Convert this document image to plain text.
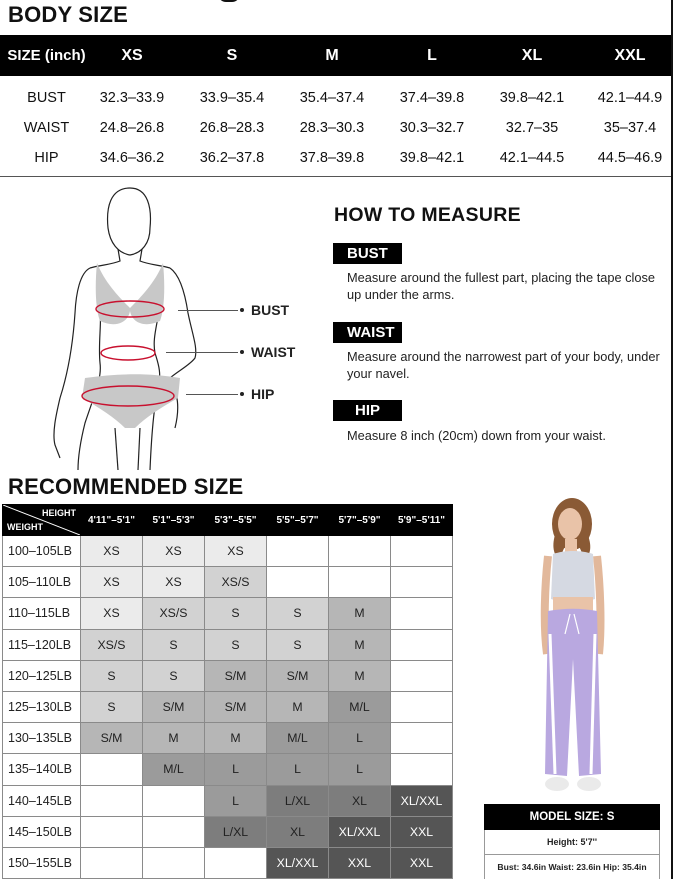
BODY SIZE
SIZE (inch)	XS	S	M	L	XL	XXL
BUST	32.3–33.9	33.9–35.4	35.4–37.4	37.4–39.8	39.8–42.1	42.1–44.9
WAIST	24.8–26.8	26.8–28.3	28.3–30.3	30.3–32.7	32.7–35	35–37.4
HIP	34.6–36.2	36.2–37.8	37.8–39.8	39.8–42.1	42.1–44.5	44.5–46.9
BUST
WAIST
HIP
HOW TO MEASURE
BUST
Measure around the fullest part, placing the tape close up under the arms.
WAIST
Measure around the narrowest part of your body, under your navel.
HIP
Measure 8 inch (20cm) down from your waist.
RECOMMENDED SIZE
HEIGHT
WEIGHT	4'11"–5'1"	5'1"–5'3"	5'3"–5'5"	5'5"–5'7"	5'7"–5'9"	5'9"–5'11"
100–105LB	XS	XS	XS			
105–110LB	XS	XS	XS/S			
110–115LB	XS	XS/S	S	S	M	
115–120LB	XS/S	S	S	S	M	
120–125LB	S	S	S/M	S/M	M	
125–130LB	S	S/M	S/M	M	M/L	
130–135LB	S/M	M	M	M/L	L	
135–140LB		M/L	L	L	L	
140–145LB			L	L/XL	XL	XL/XXL
145–150LB			L/XL	XL	XL/XXL	XXL
150–155LB				XL/XXL	XXL	XXL
MODEL SIZE: S
Height: 5'7''
Bust: 34.6in Waist: 23.6in Hip: 35.4in
